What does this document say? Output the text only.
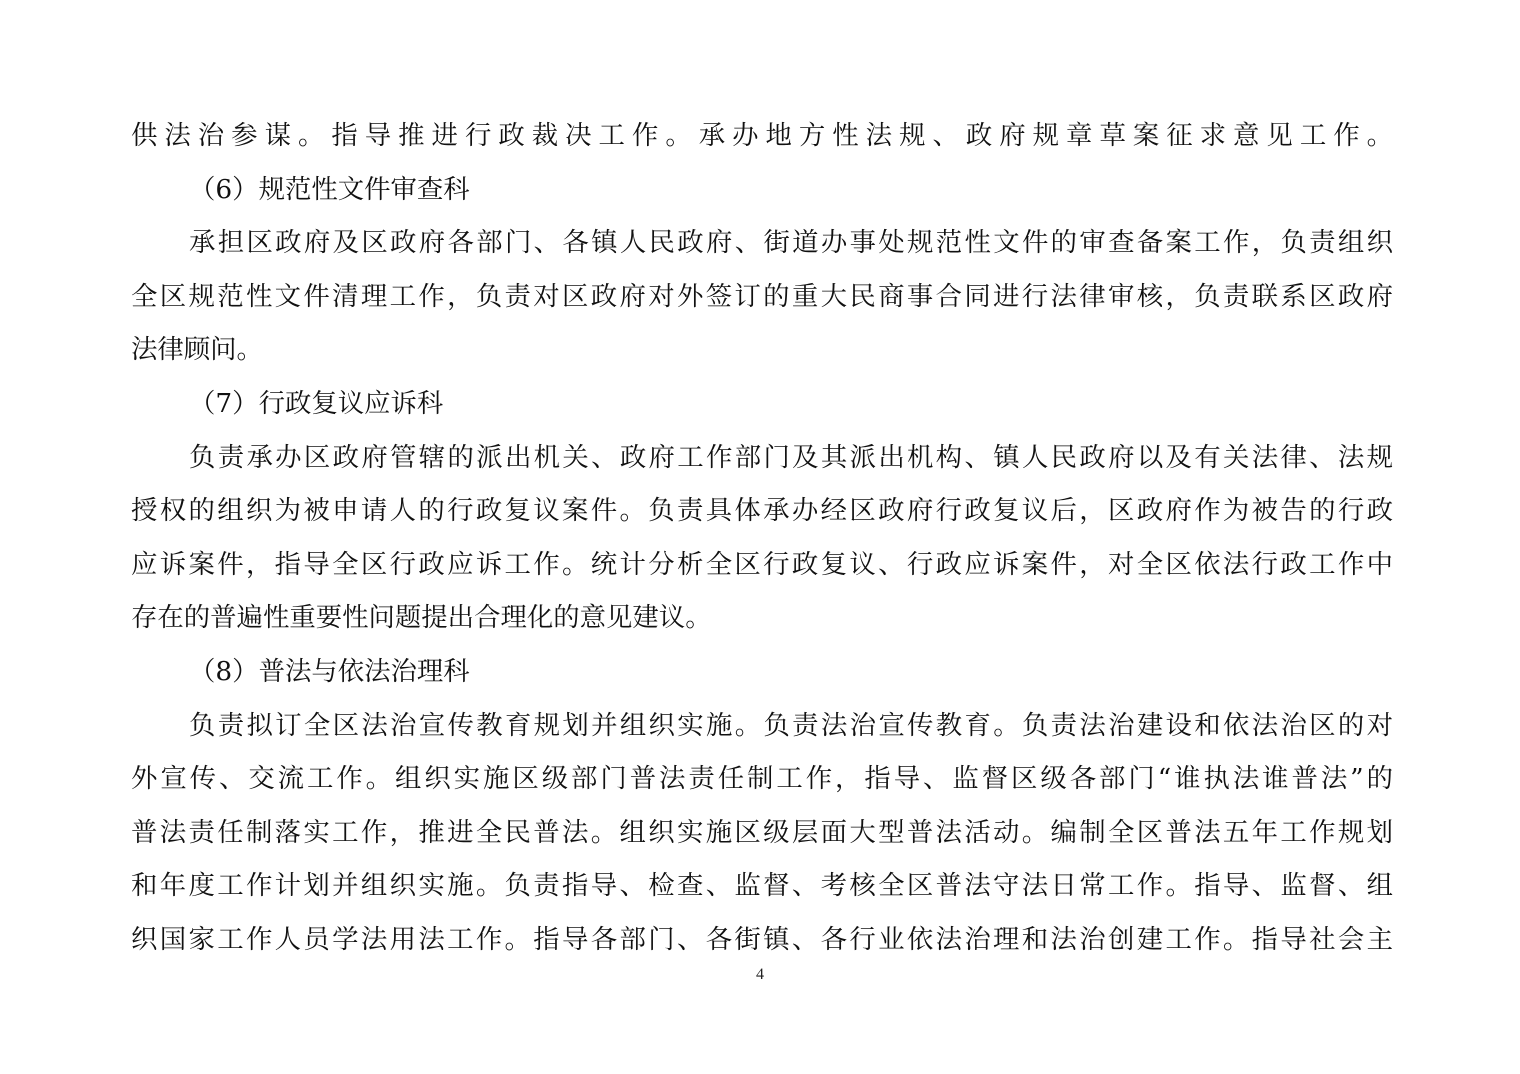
供法治参谋。指导推进行政裁决工作。承办地方性法规、政府规章草案征求意见工作。
（6）规范性文件审查科
承担区政府及区政府各部门、各镇人民政府、街道办事处规范性文件的审查备案工作，负责组织
全区规范性文件清理工作，负责对区政府对外签订的重大民商事合同进行法律审核，负责联系区政府
法律顾问。
（7）行政复议应诉科
负责承办区政府管辖的派出机关、政府工作部门及其派出机构、镇人民政府以及有关法律、法规
授权的组织为被申请人的行政复议案件。负责具体承办经区政府行政复议后，区政府作为被告的行政
应诉案件，指导全区行政应诉工作。统计分析全区行政复议、行政应诉案件，对全区依法行政工作中
存在的普遍性重要性问题提出合理化的意见建议。
（8）普法与依法治理科
负责拟订全区法治宣传教育规划并组织实施。负责法治宣传教育。负责法治建设和依法治区的对
外宣传、交流工作。组织实施区级部门普法责任制工作，指导、监督区级各部门“谁执法谁普法”的
普法责任制落实工作，推进全民普法。组织实施区级层面大型普法活动。编制全区普法五年工作规划
和年度工作计划并组织实施。负责指导、检查、监督、考核全区普法守法日常工作。指导、监督、组
织国家工作人员学法用法工作。指导各部门、各街镇、各行业依法治理和法治创建工作。指导社会主
4
